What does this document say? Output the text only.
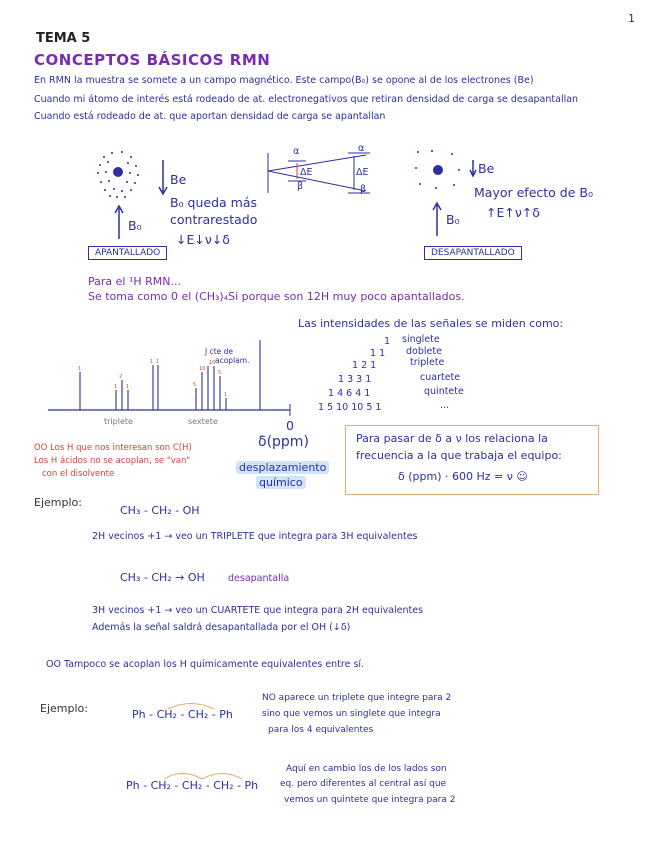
1
TEMA 5
CONCEPTOS BÁSICOS RMN
En RMN la muestra se somete a un campo magnético. Este campo(B₀) se opone al de los electrones (Be)
Cuando mi átomo de interés está rodeado de at. electronegativos que retiran densidad de carga se desapantallan
Cuando está rodeado de at. que aportan densidad de carga se apantallan
Be
B₀ queda más
contrarestado
↓E↓ν↓δ
B₀
APANTALLADO
α	α
ΔE	ΔE
β	β
Be
Mayor efecto de B₀
↑E↑ν↑δ
B₀
DESAPANTALLADO
Para el ¹H RMN...
Se toma como 0 el (CH₃)₄Si porque son 12H muy poco apantallados.
1
2
1 1
1 1
5
10
10
5
1
1
J cte de
acoplam.
triplete	sextete	0
Las intensidades de las señales se miden como:
1 singlete
1 1 doblete
1 2 1	triplete
1 3 3 1	cuartete
1 4 6 4 1	quintete
1 5 10 10 5 1	...
δ(ppm)
desplazamiento
químico
OO Los H que nos interesan son C(H)
Los H ácidos no se acoplan, se "van"
con el disolvente
Para pasar de δ a ν los relaciona la
frecuencia a la que trabaja el equipo:
δ (ppm) · 600 Hz = ν ☺
Ejemplo:
CH₃ - CH₂ - OH
2H vecinos +1 → veo un TRIPLETE que integra para 3H equivalentes
CH₃ - CH₂ → OH desapantalla
3H vecinos +1 → veo un CUARTETE que integra para 2H equivalentes
Además la señal saldrá desapantallada por el OH (↓δ)
OO Tampoco se acoplan los H químicamente equivalentes entre sí.
Ejemplo:	Ph - CH₂ - CH₂ - Ph
NO aparece un triplete que integre para 2
sino que vemos un singlete que integra
para los 4 equivalentes
Ph - CH₂ - CH₂ - CH₂ - Ph
Aquí en cambio los de los lados son
eq. pero diferentes al central así que
vemos un quintete que integra para 2
